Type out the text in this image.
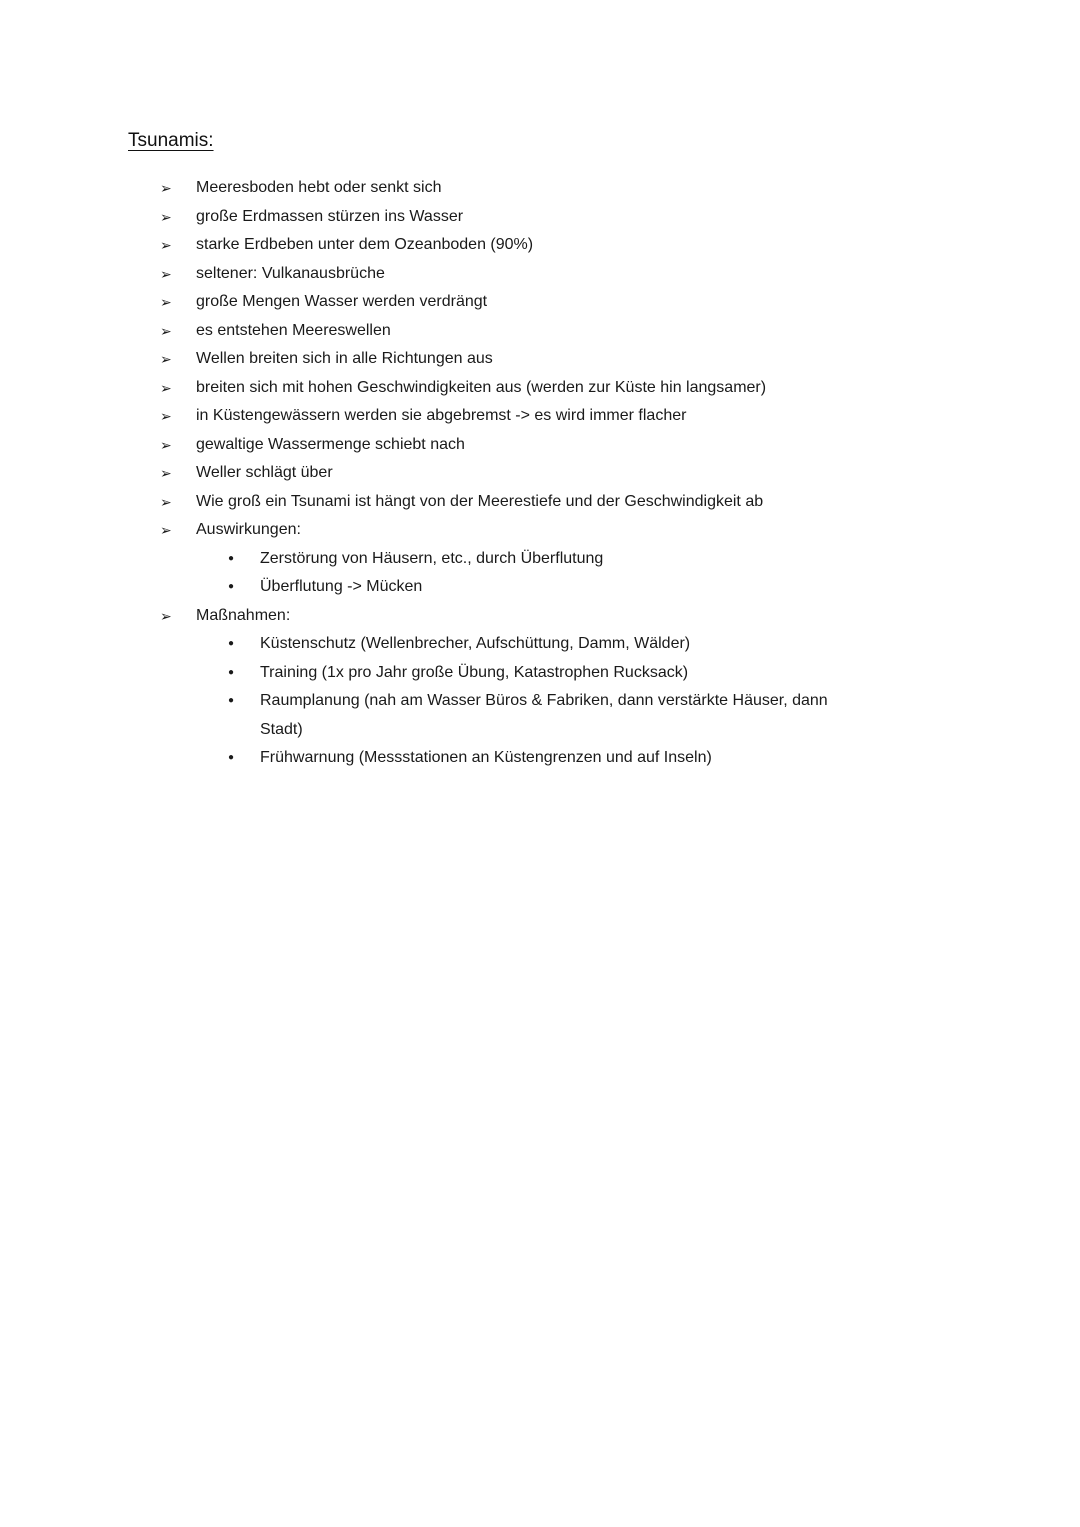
Tsunamis:
➢	Meeresboden hebt oder senkt sich
➢	große Erdmassen stürzen ins Wasser
➢	starke Erdbeben unter dem Ozeanboden (90%)
➢	seltener: Vulkanausbrüche
➢	große Mengen Wasser werden verdrängt
➢	es entstehen Meereswellen
➢	Wellen breiten sich in alle Richtungen aus
➢	breiten sich mit hohen Geschwindigkeiten aus (werden zur Küste hin langsamer)
➢	in Küstengewässern werden sie abgebremst -> es wird immer flacher
➢	gewaltige Wassermenge schiebt nach
➢	Weller schlägt über
➢	Wie groß ein Tsunami ist hängt von der Meerestiefe und der Geschwindigkeit ab
➢	Auswirkungen:
●	Zerstörung von Häusern, etc., durch Überflutung
●	Überflutung -> Mücken
➢	Maßnahmen:
●	Küstenschutz (Wellenbrecher, Aufschüttung, Damm, Wälder)
●	Training (1x pro Jahr große Übung, Katastrophen Rucksack)
●	Raumplanung (nah am Wasser Büros & Fabriken, dann verstärkte Häuser, dann Stadt)
●	Frühwarnung (Messstationen an Küstengrenzen und auf Inseln)
